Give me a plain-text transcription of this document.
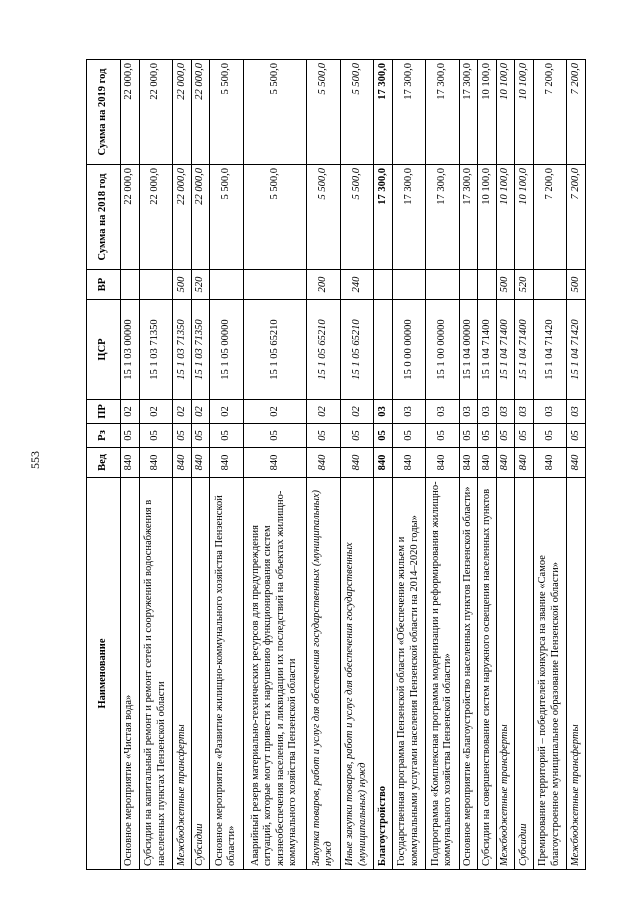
553
Наименование	Вед	Рз	ПР	ЦСР	ВР	Сумма на 2018 год	Сумма на 2019 год
Основное мероприятие «Чистая вода»	840	05	02	15 1 03 00000		22 000,0	22 000,0
Субсидии на капитальный ремонт и ремонт сетей и сооружений водоснабжения в населенных пунктах Пензенской области	840	05	02	15 1 03 71350		22 000,0	22 000,0
Межбюджетные трансферты	840	05	02	15 1 03 71350	500	22 000,0	22 000,0
Субсидии	840	05	02	15 1 03 71350	520	22 000,0	22 000,0
Основное мероприятие «Развитие жилищно-коммунального хозяйства Пензенской области»	840	05	02	15 1 05 00000		5 500,0	5 500,0
Аварийный резерв материально-технических ресурсов для предупреждения ситуаций, которые могут привести к нарушению функционирования систем жизнеобеспечения населения, и ликвидации их последствий на объектах жилищно-коммунального хозяйства Пензенской области	840	05	02	15 1 05 65210		5 500,0	5 500,0
Закупка товаров, работ и услуг для обеспечения государственных (муниципальных) нужд	840	05	02	15 1 05 65210	200	5 500,0	5 500,0
Иные закупки товаров, работ и услуг для обеспечения государственных (муниципальных) нужд	840	05	02	15 1 05 65210	240	5 500,0	5 500,0
Благоустройство	840	05	03			17 300,0	17 300,0
Государственная программа Пензенской области «Обеспечение жильем и коммунальными услугами населения Пензенской области на 2014–2020 годы»	840	05	03	15 0 00 00000		17 300,0	17 300,0
Подпрограмма «Комплексная программа модернизации и реформирования жилищно-коммунального хозяйства Пензенской области»	840	05	03	15 1 00 00000		17 300,0	17 300,0
Основное мероприятие «Благоустройство населенных пунктов Пензенской области»	840	05	03	15 1 04 00000		17 300,0	17 300,0
Субсидии на совершенствование систем наружного освещения населенных пунктов	840	05	03	15 1 04 71400		10 100,0	10 100,0
Межбюджетные трансферты	840	05	03	15 1 04 71400	500	10 100,0	10 100,0
Субсидии	840	05	03	15 1 04 71400	520	10 100,0	10 100,0
Премирование территорий – победителей конкурса на звание «Самое благоустроенное муниципальное образование Пензенской области»	840	05	03	15 1 04 71420		7 200,0	7 200,0
Межбюджетные трансферты	840	05	03	15 1 04 71420	500	7 200,0	7 200,0
